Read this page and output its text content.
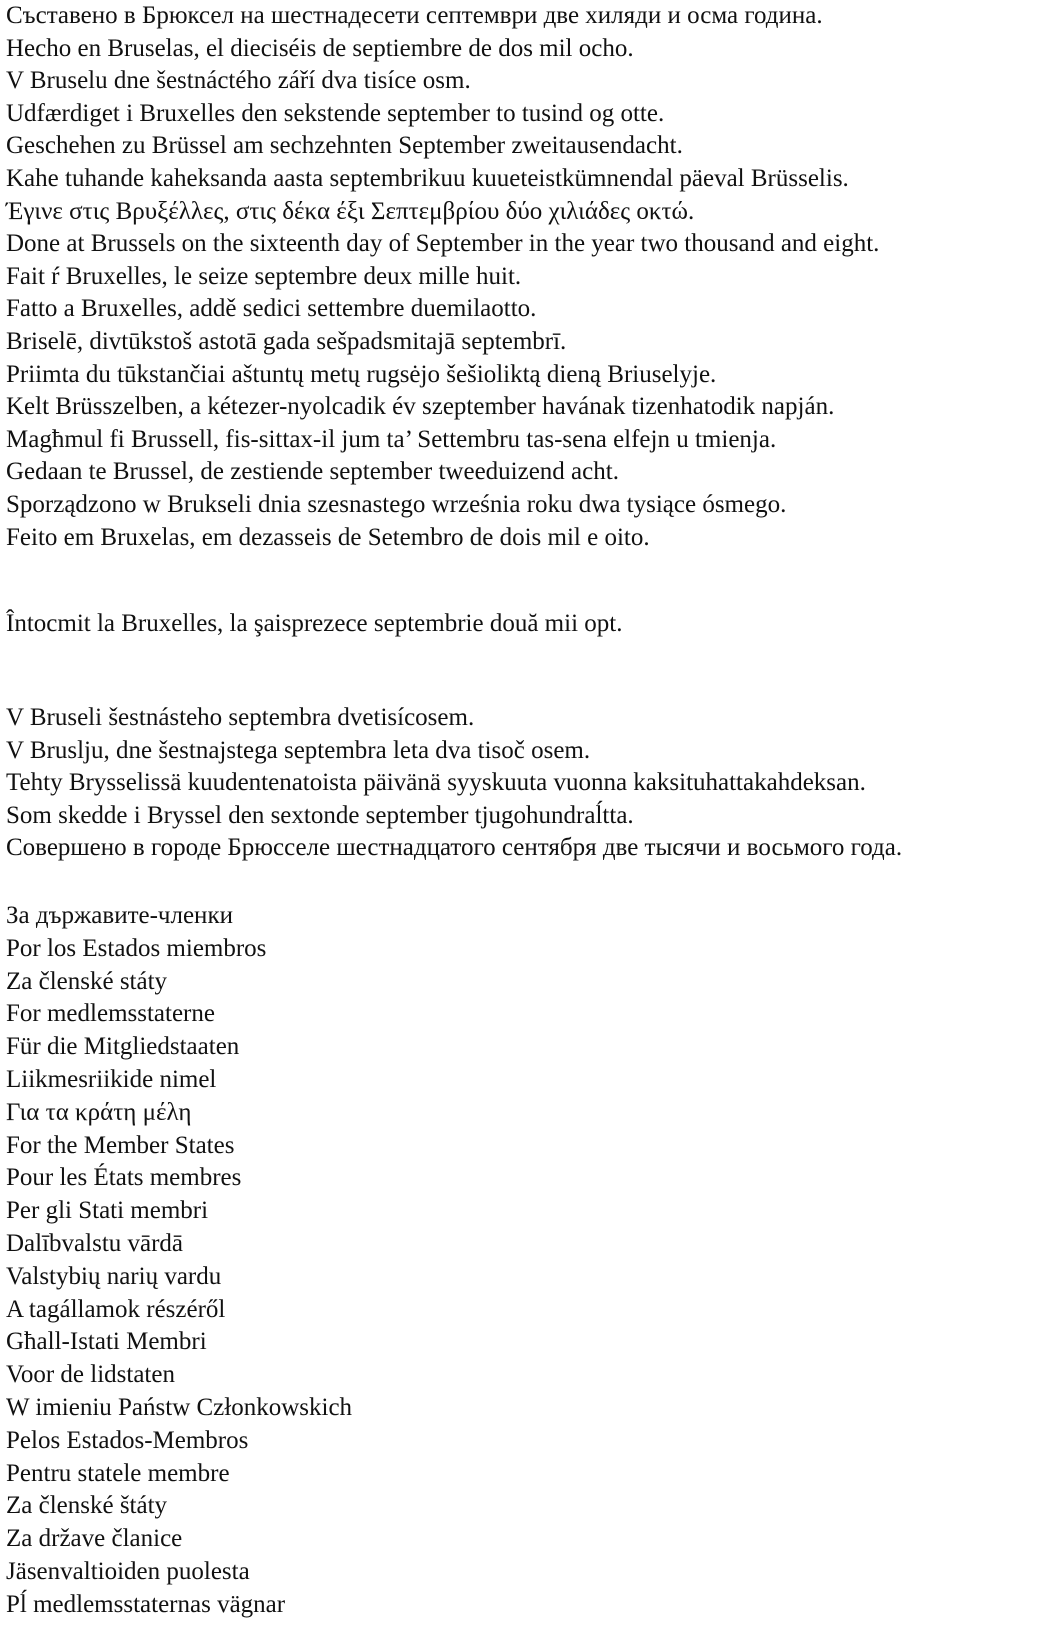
Съставено в Брюксел на шестнадесети септември две хиляди и осма година.
Hecho en Bruselas, el dieciséis de septiembre de dos mil ocho.
V Bruselu dne šestnáctého září dva tisíce osm.
Udfærdiget i Bruxelles den sekstende september to tusind og otte.
Geschehen zu Brüssel am sechzehnten September zweitausendacht.
Kahe tuhande kaheksanda aasta septembrikuu kuueteistkümnendal päeval Brüsselis.
Έγινε στις Βρυξέλλες, στις δέκα έξι Σεπτεμβρίου δύο χιλιάδες οκτώ.
Done at Brussels on the sixteenth day of September in the year two thousand and eight.
Fait ŕ Bruxelles, le seize septembre deux mille huit.
Fatto a Bruxelles, addě sedici settembre duemilaotto.
Briselē, divtūkstoš astotā gada sešpadsmitajā septembrī.
Priimta du tūkstančiai aštuntų metų rugsėjo šešioliktą dieną Briuselyje.
Kelt Brüsszelben, a kétezer-nyolcadik év szeptember havának tizenhatodik napján.
Magħmul fi Brussell, fis-sittax-il jum ta’ Settembru tas-sena elfejn u tmienja.
Gedaan te Brussel, de zestiende september tweeduizend acht.
Sporządzono w Brukseli dnia szesnastego września roku dwa tysiące ósmego.
Feito em Bruxelas, em dezasseis de Setembro de dois mil e oito.
Întocmit la Bruxelles, la şaisprezece septembrie două mii opt.
V Bruseli šestnásteho septembra dvetisícosem.
V Bruslju, dne šestnajstega septembra leta dva tisoč osem.
Tehty Brysselissä kuudentenatoista päivänä syyskuuta vuonna kaksituhattakahdeksan.
Som skedde i Bryssel den sextonde september tjugohundraĺtta.
Совершено в городе Брюсселе шестнадцатого сентября две тысячи и восьмого года.
За държавите-членки
Por los Estados miembros
Za členské státy
For medlemsstaterne
Für die Mitgliedstaaten
Liikmesriikide nimel
Για τα κράτη μέλη
For the Member States
Pour les États membres
Per gli Stati membri
Dalībvalstu vārdā
Valstybių narių vardu
A tagállamok részéről
Għall-Istati Membri
Voor de lidstaten
W imieniu Państw Członkowskich
Pelos Estados-Membros
Pentru statele membre
Za členské štáty
Za države članice
Jäsenvaltioiden puolesta
Pĺ medlemsstaternas vägnar
